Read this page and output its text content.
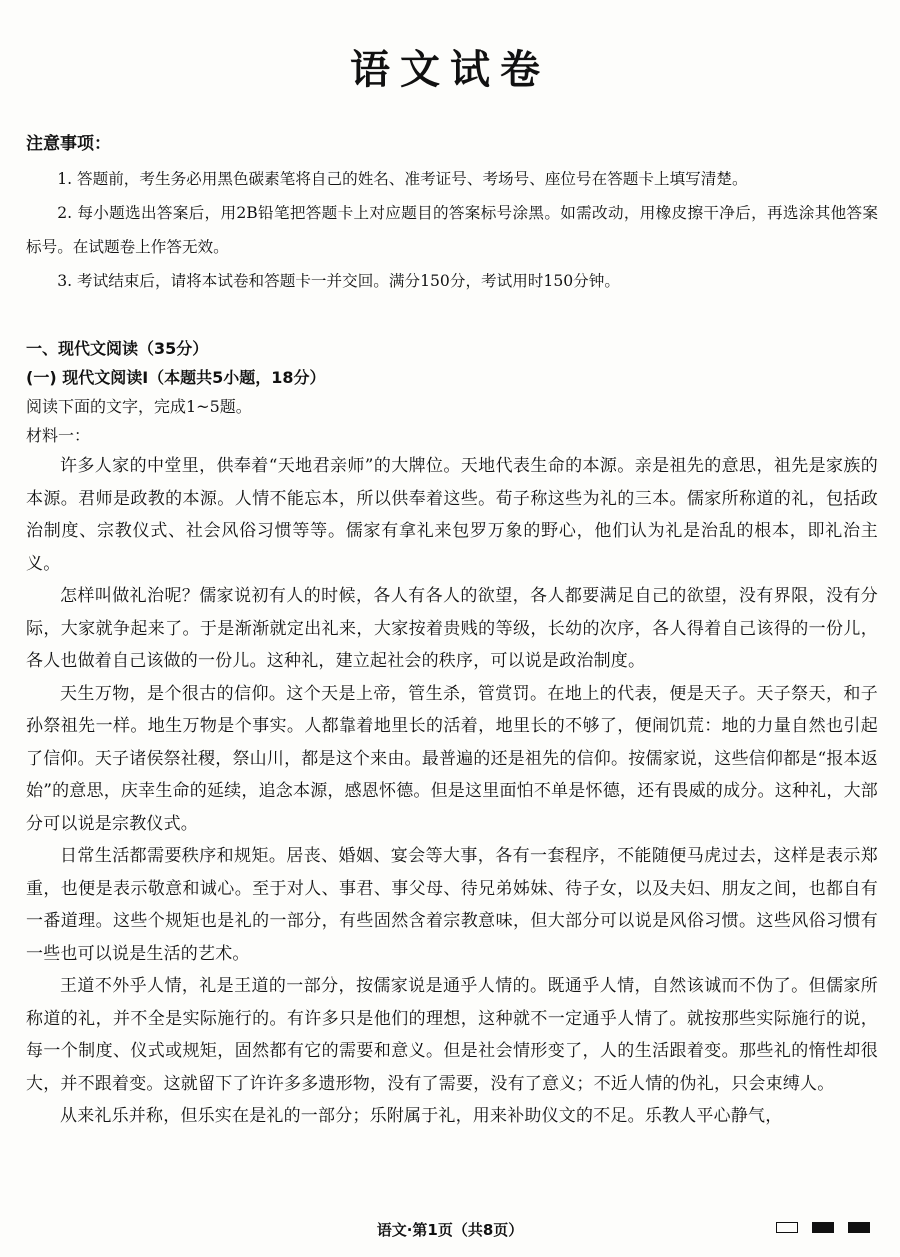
语文试卷
注意事项：

1. 答题前，考生务必用黑色碳素笔将自己的姓名、准考证号、考场号、座位号在答题卡上填写清楚。

2. 每小题选出答案后，用2B铅笔把答题卡上对应题目的答案标号涂黑。如需改动，用橡皮擦干净后，再选涂其他答案标号。在试题卷上作答无效。

3. 考试结束后，请将本试卷和答题卡一并交回。满分150分，考试用时150分钟。

一、现代文阅读（35分）
(一) 现代文阅读Ⅰ（本题共5小题，18分）
阅读下面的文字，完成1~5题。
材料一：

许多人家的中堂里，供奉着“天地君亲师”的大牌位。天地代表生命的本源。亲是祖先的意思，祖先是家族的本源。君师是政教的本源。人情不能忘本，所以供奉着这些。荀子称这些为礼的三本。儒家所称道的礼，包括政治制度、宗教仪式、社会风俗习惯等等。儒家有拿礼来包罗万象的野心，他们认为礼是治乱的根本，即礼治主义。

怎样叫做礼治呢？儒家说初有人的时候，各人有各人的欲望，各人都要满足自己的欲望，没有界限，没有分际，大家就争起来了。于是渐渐就定出礼来，大家按着贵贱的等级，长幼的次序，各人得着自己该得的一份儿，各人也做着自己该做的一份儿。这种礼，建立起社会的秩序，可以说是政治制度。

天生万物，是个很古的信仰。这个天是上帝，管生杀，管赏罚。在地上的代表，便是天子。天子祭天，和子孙祭祖先一样。地生万物是个事实。人都靠着地里长的活着，地里长的不够了，便闹饥荒：地的力量自然也引起了信仰。天子诸侯祭社稷，祭山川，都是这个来由。最普遍的还是祖先的信仰。按儒家说，这些信仰都是“报本返始”的意思，庆幸生命的延续，追念本源，感恩怀德。但是这里面怕不单是怀德，还有畏威的成分。这种礼，大部分可以说是宗教仪式。

日常生活都需要秩序和规矩。居丧、婚姻、宴会等大事，各有一套程序，不能随便马虎过去，这样是表示郑重，也便是表示敬意和诚心。至于对人、事君、事父母、待兄弟姊妹、待子女，以及夫妇、朋友之间，也都自有一番道理。这些个规矩也是礼的一部分，有些固然含着宗教意味，但大部分可以说是风俗习惯。这些风俗习惯有一些也可以说是生活的艺术。

王道不外乎人情，礼是王道的一部分，按儒家说是通乎人情的。既通乎人情，自然该诚而不伪了。但儒家所称道的礼，并不全是实际施行的。有许多只是他们的理想，这种就不一定通乎人情了。就按那些实际施行的说，每一个制度、仪式或规矩，固然都有它的需要和意义。但是社会情形变了，人的生活跟着变。那些礼的惰性却很大，并不跟着变。这就留下了许许多多遗形物，没有了需要，没有了意义；不近人情的伪礼，只会束缚人。

从来礼乐并称，但乐实在是礼的一部分；乐附属于礼，用来补助仪文的不足。乐教人平心静气，

语文·第1页（共8页）
